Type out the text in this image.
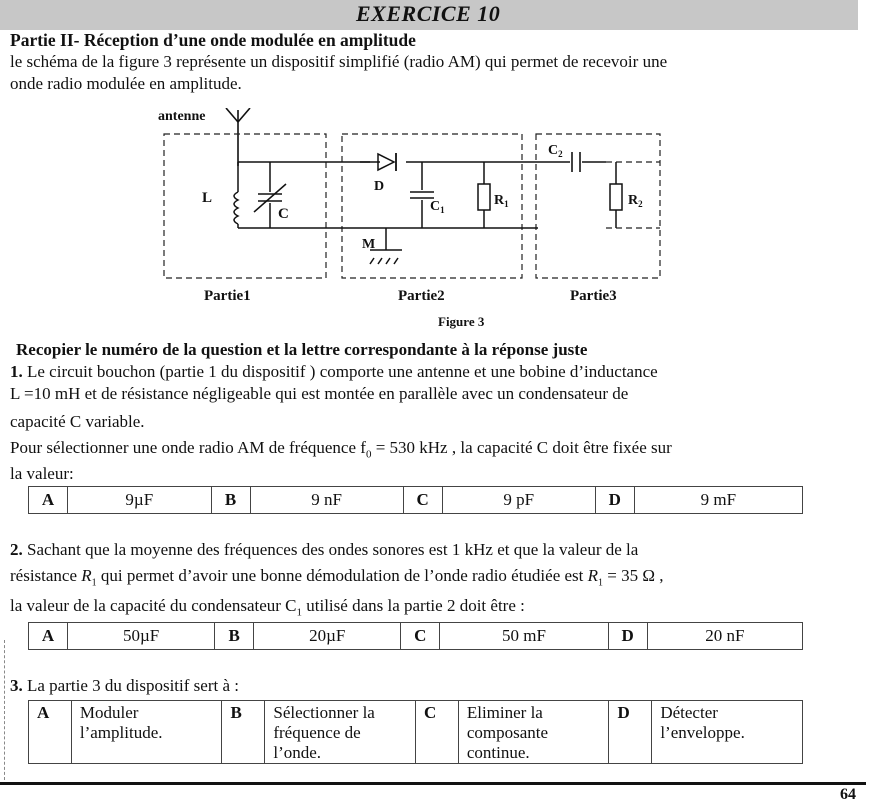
EXERCICE 10
Partie II- Réception d’une onde modulée en amplitude
le schéma de la figure 3 représente un dispositif simplifié (radio AM) qui permet de recevoir une
onde radio modulée en amplitude.
antenne
L
C
D
$C_1$
$R_1$
$C_2$
$R_2$
M
Partie1	Partie2	Partie3
Figure 3
Recopier le numéro de la question et la lettre correspondante à la réponse juste
1. Le circuit bouchon (partie 1 du dispositif ) comporte une antenne et une bobine d’inductance
L =10 mH et de résistance négligeable qui est montée en parallèle avec un condensateur de
capacité C variable.
Pour sélectionner une onde radio AM de fréquence $f_0 = 530$ kHz , la capacité C doit être fixée sur
la valeur:
A	9µF	B	9 nF	C	9 pF	D	9 mF
2. Sachant que la moyenne des fréquences des ondes sonores est 1 kHz et que la valeur de la
résistance $R_1$ qui permet d’avoir une bonne démodulation de l’onde radio étudiée est $R_1 = 35$ Ω ,
la valeur de la capacité du condensateur $C_1$ utilisé dans la partie 2 doit être :
A	50µF	B	20µF	C	50 mF	D	20 nF
3. La partie 3 du dispositif sert à :
A	Moduler l’amplitude.	B	Sélectionner la fréquence de l’onde.	C	Eliminer la composante continue.	D	Détecter l’enveloppe.
64
